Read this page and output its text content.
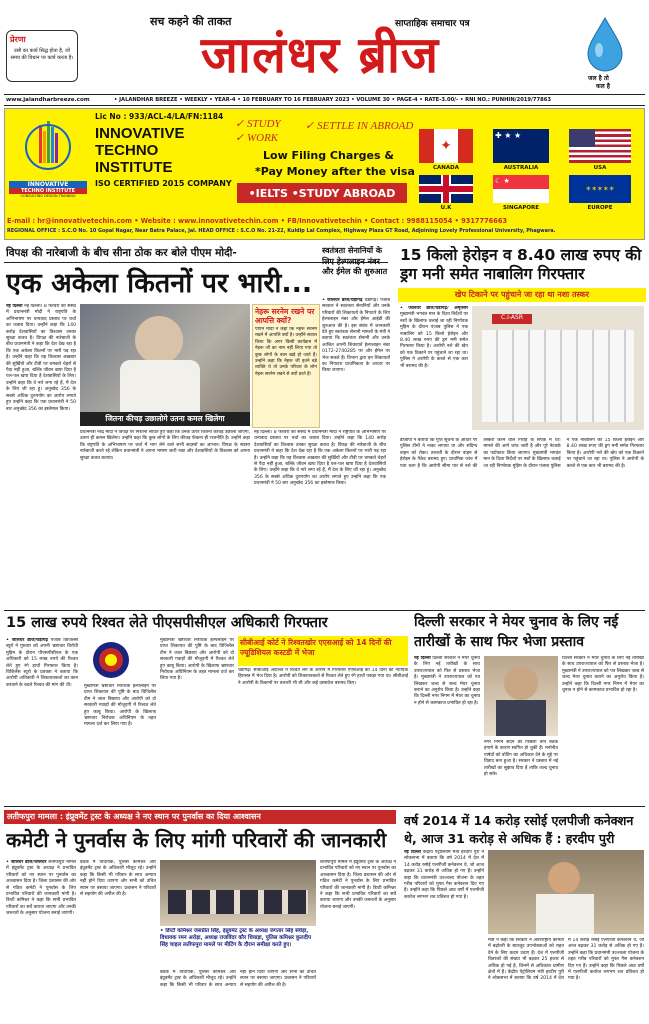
प्रेरणा
उसी का कार्य सिद्ध होता है, जो समय की विधान पर कार्य करता है।
सच कहने की ताकत	साप्ताहिक समाचार पत्र
जालंधर ब्रीज	जल है तो
कल है
www.jalandharbreeze.com	• JALANDHAR BREEZE • WEEKLY • YEAR-4 • 10 FEBRUARY TO 16 FEBRUARY 2023 • VOLUME 30 • PAGE-4 • RATE-3.00/- • RNI NO.: PUNHIN/2019/77863
Lic No : 933/ACL-4/LA/FN:1184
INNOVATIVE
TECHNO INSTITUTE
CONSULTING DESIGN TRAINING
INNOVATIVE
TECHNO
INSTITUTE
ISO CERTIFIED 2015 COMPANY
✓ STUDY
✓ WORK
✓ SETTLE IN ABROAD
Low Filing Charges &
*Pay Money after the visa
•IELTS •STUDY ABROAD
✦
CANADA
✚ ★ ★
AUSTRALIA	USA
U.K
☾ ★
SINGAPORE
✶✶✶✶✶
EUROPE
E-mail : hr@innovativetechin.com • Website : www.innovativetechin.com • FB/Innovativetechin • Contact : 9988115054 • 9317776663
REGIONAL OFFICE : S.C.O No. 10 Gopal Nagar, Near Batra Palace, Jal. HEAD OFFICE : S.C.O No. 21-22, Kuldip Lal Complex, Highway Plaza GT Road, Adjoining Lovely Professional University, Phagwara.
विपक्ष की नारेबाजी के बीच सीना ठोक कर बोले पीएम मोदी-
एक अकेला कितनों पर भारी...
नई दिल्ली नई दिल्ली। 8 फरवरी को संसद में प्रधानमंत्री मोदी ने राष्ट्रपति के अभिभाषण पर धन्यवाद प्रस्ताव पर चर्चा का जवाब दिया। उन्होंने कहा कि 140 करोड़ देशवासियों का विश्वास उनका सुरक्षा कवच है। विपक्ष की नारेबाजी के बीच प्रधानमंत्री ने कहा कि देश देख रहा है कि एक अकेला कितनों पर भारी पड़ रहा है। उन्होंने कहा कि यह विश्वास अखबार की सुर्खियों और टीवी पर चमकते चेहरों से पैदा नहीं हुआ, बल्कि जीवन खपा दिया है पल-पल खपा दिया है देशवासियों के लिए। उन्होंने कहा कि वे नारे लगा रहे हैं, मैं देश के लिए जी रहा हूं। अनुच्छेद 356 के सबसे अधिक दुरुपयोग का आरोप लगाते हुए उन्होंने कहा कि एक प्रधानमंत्री ने 50 बार अनुच्छेद 356 का इस्तेमाल किया।
जितना कीचड़ उछालोगे उतना कमल खिलेगा
प्रधानमंत्री नरेंद्र मोदी ने विपक्ष पर निशाना साधते हुए कहा कि उनके ऊपर जितना कीचड़ उछाला जाएगा, उतना ही कमल खिलेगा। उन्होंने कहा कि कुछ लोगों के लिए कीचड़ फेंकना ही राजनीति है। उन्होंने कहा कि राष्ट्रपति के अभिभाषण पर चर्चा में भाग लेने वाले सभी सदस्यों का आभार। विपक्ष के सदस्य नारेबाजी करते रहे लेकिन प्रधानमंत्री ने अपना भाषण जारी रखा और देशवासियों के विश्वास को अपना सुरक्षा कवच बताया।
नई दिल्ली। 8 फरवरी को संसद में प्रधानमंत्री मोदी ने राष्ट्रपति के अभिभाषण पर धन्यवाद प्रस्ताव पर चर्चा का जवाब दिया। उन्होंने कहा कि 140 करोड़ देशवासियों का विश्वास उनका सुरक्षा कवच है। विपक्ष की नारेबाजी के बीच प्रधानमंत्री ने कहा कि देश देख रहा है कि एक अकेला कितनों पर भारी पड़ रहा है। उन्होंने कहा कि यह विश्वास अखबार की सुर्खियों और टीवी पर चमकते चेहरों से पैदा नहीं हुआ, बल्कि जीवन खपा दिया है पल-पल खपा दिया है देशवासियों के लिए। उन्होंने कहा कि वे नारे लगा रहे हैं, मैं देश के लिए जी रहा हूं। अनुच्छेद 356 के सबसे अधिक दुरुपयोग का आरोप लगाते हुए उन्होंने कहा कि एक प्रधानमंत्री ने 50 बार अनुच्छेद 356 का इस्तेमाल किया।
नेहरू सरनेम रखने पर आपत्ति क्यों?
पीएम मोदी ने कहा कि नेहरू सरनेम रखने में आपत्ति क्यों है। उन्होंने सवाल किया कि अगर किसी कार्यक्रम में नेहरू जी का नाम नहीं लिया गया तो कुछ लोगों के बाल खड़े हो जाते हैं। उन्होंने कहा कि नेहरू जी इतने बड़े व्यक्ति थे तो उनके परिवार के लोग नेहरू सरनेम रखने से क्यों डरते हैं।
स्वतंत्रता सेनानियों के लिए हेल्पलाइन नंबर और ईमेल की शुरुआत
• जालंधर ब्रीज/चंडीगढ़ चंडीगढ़। पंजाब सरकार ने स्वतंत्रता सेनानियों और उनके परिवारों की शिकायतों के निपटारे के लिए हेल्पलाइन नंबर और ईमेल आईडी की शुरुआत की है। इस संबंध में जानकारी देते हुए स्वतंत्रता सेनानी मामलों के मंत्री ने बताया कि स्वतंत्रता सेनानी और उनके आश्रित अपनी शिकायतें हेल्पलाइन नंबर 0172-2740285 पर और ईमेल पर भेज सकते हैं। विभाग द्वारा इन शिकायतों का निपटारा प्राथमिकता के आधार पर किया जाएगा।
15 किलो हेरोइन व 8.40 लाख रुपए की ड्रग मनी समेत नाबालिग गिरफ्तार
खेप टिकाने पर पहुंचाने जा रहा था नशा तस्कर
• जालंधर ब्रीज/चंडीगढ़/ अमृतसर मुख्यमंत्री भगवंत मान के दिशा निर्देशों पर नशों के खिलाफ चलाई जा रही निर्णायक मुहिम के दौरान पंजाब पुलिस ने एक नाबालिग को 15 किलो हेरोइन और 8.40 लाख रुपए की ड्रग मनी समेत गिरफ्तार किया है। आरोपी नशे की खेप को एक ठिकाने पर पहुंचाने जा रहा था। पुलिस ने आरोपी के कब्जे से एक कार भी बरामद की है।
C.I-ASR
डीजीपी ने बताया कि गुप्त सूचना के आधार पर पुलिस टीमों ने नाका लगाया था और संदिग्ध वाहन को रोका। तलाशी के दौरान वाहन से हेरोइन के पैकेट बरामद हुए। प्राथमिक जांच में पता चला है कि आरोपी सीमा पार से नशे की तस्करी करने वाले गिरोह के संपर्क में था। मामले की आगे जांच जारी है और पूरे नेटवर्क का पर्दाफाश किया जाएगा। मुख्यमंत्री भगवंत मान के दिशा निर्देशों पर नशों के खिलाफ चलाई जा रही निर्णायक मुहिम के दौरान पंजाब पुलिस ने एक नाबालिग को 15 किलो हेरोइन और 8.40 लाख रुपए की ड्रग मनी समेत गिरफ्तार किया है। आरोपी नशे की खेप को एक ठिकाने पर पहुंचाने जा रहा था। पुलिस ने आरोपी के कब्जे से एक कार भी बरामद की है।
15 लाख रुपये रिश्वत लेते पीएसपीसीएल अधिकारी गिरफ्तार
• जालंधर ब्रीज/चंडीगढ़ पंजाब विजिलेंस ब्यूरो ने गुरुवार को अपनी भ्रष्टाचार विरोधी मुहिम के दौरान पीएसपीसीएल के एक अधिकारी को 15 लाख रुपये की रिश्वत लेते हुए रंगे हाथों गिरफ्तार किया है। विजिलेंस ब्यूरो के प्रवक्ता ने बताया कि आरोपी अधिकारी ने शिकायतकर्ता का काम करवाने के बदले रिश्वत की मांग की थी।	मुख्यमंत्री भ्रष्टाचार निरोधक हेल्पलाइन पर प्राप्त शिकायत की पुष्टि के बाद विजिलेंस टीम ने जाल बिछाया और आरोपी को दो सरकारी गवाहों की मौजूदगी में रिश्वत लेते हुए काबू किया। आरोपी के खिलाफ भ्रष्टाचार निरोधक अधिनियम के तहत मामला दर्ज कर लिया गया है।
मुख्यमंत्री भ्रष्टाचार निरोधक हेल्पलाइन पर प्राप्त शिकायत की पुष्टि के बाद विजिलेंस टीम ने जाल बिछाया और आरोपी को दो सरकारी गवाहों की मौजूदगी में रिश्वत लेते हुए काबू किया। आरोपी के खिलाफ भ्रष्टाचार निरोधक अधिनियम के तहत मामला दर्ज कर लिया गया है।
सीबीआई कोर्ट ने रिश्वतखोर एएसआई को 14 दिनों की ज्यूडिशियल कस्टडी में भेजा
चंडीगढ़। सीबीआई अदालत ने रिश्वत लेने के आरोप में गिरफ्तार एएसआई को 14 दिनों की न्यायिक हिरासत में भेज दिया है। आरोपी को शिकायतकर्ता से रिश्वत लेते हुए रंगे हाथों पकड़ा गया था। सीबीआई ने आरोपी के ठिकानों पर तलाशी भी ली और कई दस्तावेज बरामद किए।
दिल्ली सरकार ने मेयर चुनाव के लिए नई तारीखों के साथ फिर भेजा प्रस्ताव
नई दिल्ली दिल्ली सरकार ने मेयर चुनाव के लिए नई तारीखों के साथ उपराज्यपाल को फिर से प्रस्ताव भेजा है। मुख्यमंत्री ने उपराज्यपाल को पत्र लिखकर जल्द से जल्द मेयर चुनाव कराने का अनुरोध किया है। उन्होंने कहा कि दिल्ली नगर निगम में मेयर का चुनाव न होने से कामकाज प्रभावित हो रहा है।
नगर निगम सदन की पिछली तीन बैठकें हंगामे के कारण स्थगित हो चुकी हैं। मनोनीत पार्षदों को वोटिंग का अधिकार देने के मुद्दे पर विवाद बना हुआ है। सरकार ने प्रस्ताव में नई तारीखों का सुझाव दिया है ताकि जल्द चुनाव हो सके।
दिल्ली सरकार ने मेयर चुनाव के लिए नई तारीखों के साथ उपराज्यपाल को फिर से प्रस्ताव भेजा है। मुख्यमंत्री ने उपराज्यपाल को पत्र लिखकर जल्द से जल्द मेयर चुनाव कराने का अनुरोध किया है। उन्होंने कहा कि दिल्ली नगर निगम में मेयर का चुनाव न होने से कामकाज प्रभावित हो रहा है।
लतीफपुरा मामला : इंप्रूवमेंट ट्रस्ट के अध्यक्ष ने नए स्थान पर पुनर्वास का दिया आश्वासन
कमेटी ने पुनर्वास के लिए मांगी परिवारों की जानकारी
• जालंधर ब्रीज/जालंधर लतीफपुरा मामले में इंप्रूवमेंट ट्रस्ट के अध्यक्ष ने प्रभावित परिवारों को नए स्थान पर पुनर्वास का आश्वासन दिया है। जिला प्रशासन की ओर से गठित कमेटी ने पुनर्वास के लिए प्रभावित परिवारों की जानकारी मांगी है। डिप्टी कमिश्नर ने कहा कि सभी प्रभावित परिवारों का सर्वे कराया जाएगा और उनकी जरूरतों के अनुसार योजना बनाई जाएगी।
बैठक में विधायक, पुलिस कमिश्नर और इंप्रूवमेंट ट्रस्ट के अधिकारी मौजूद रहे। उन्होंने कहा कि किसी भी परिवार के साथ अन्याय नहीं होने दिया जाएगा और सभी को उचित स्थान पर बसाया जाएगा। प्रशासन ने परिवारों से सहयोग की अपील की है।
• डिप्टी कमिश्नर जसप्रीत सिंह, इंप्रूवमेंट ट्रस्ट के अध्यक्ष जगतार सिंह संघेड़ा, विधायक रमन अरोड़ा, अध्यक्ष राजविंदर कौर थियाड़ा, पुलिस कमिश्नर कुलदीप सिंह चाहल लतीफपुरा मामले पर मीटिंग के दौरान समीक्षा करते हुए।
बैठक में विधायक, पुलिस कमिश्नर और इंप्रूवमेंट ट्रस्ट के अधिकारी मौजूद रहे। उन्होंने कहा कि किसी भी परिवार के साथ अन्याय नहीं होने दिया जाएगा और सभी को उचित स्थान पर बसाया जाएगा। प्रशासन ने परिवारों से सहयोग की अपील की है।
लतीफपुरा मामले में इंप्रूवमेंट ट्रस्ट के अध्यक्ष ने प्रभावित परिवारों को नए स्थान पर पुनर्वास का आश्वासन दिया है। जिला प्रशासन की ओर से गठित कमेटी ने पुनर्वास के लिए प्रभावित परिवारों की जानकारी मांगी है। डिप्टी कमिश्नर ने कहा कि सभी प्रभावित परिवारों का सर्वे कराया जाएगा और उनकी जरूरतों के अनुसार योजना बनाई जाएगी।
वर्ष 2014 में 14 करोड़ रसोई एलपीजी कनेक्शन थे, आज 31 करोड़ से अधिक हैं : हरदीप पुरी
नई दिल्ली केंद्रीय पेट्रोलियम मंत्री हरदीप पुरी ने लोकसभा में बताया कि वर्ष 2014 में देश में 14 करोड़ रसोई एलपीजी कनेक्शन थे, जो आज बढ़कर 31 करोड़ से अधिक हो गए हैं। उन्होंने कहा कि प्रधानमंत्री उज्ज्वला योजना के तहत गरीब परिवारों को मुफ्त गैस कनेक्शन दिए गए हैं। उन्होंने कहा कि पिछले आठ वर्षों में एलपीजी कवरेज लगभग शत प्रतिशत हो गया है।
मंत्री ने कहा कि सरकार ने अंतरराष्ट्रीय कीमतों में बढ़ोतरी के बावजूद उपभोक्ताओं को राहत देने के लिए कदम उठाए हैं। देश में एलपीजी वितरकों की संख्या भी बढ़कर 25 हजार से अधिक हो गई है, जिनमें से अधिकांश ग्रामीण क्षेत्रों में हैं। केंद्रीय पेट्रोलियम मंत्री हरदीप पुरी ने लोकसभा में बताया कि वर्ष 2014 में देश में 14 करोड़ रसोई एलपीजी कनेक्शन थे, जो आज बढ़कर 31 करोड़ से अधिक हो गए हैं। उन्होंने कहा कि प्रधानमंत्री उज्ज्वला योजना के तहत गरीब परिवारों को मुफ्त गैस कनेक्शन दिए गए हैं। उन्होंने कहा कि पिछले आठ वर्षों में एलपीजी कवरेज लगभग शत प्रतिशत हो गया है।
